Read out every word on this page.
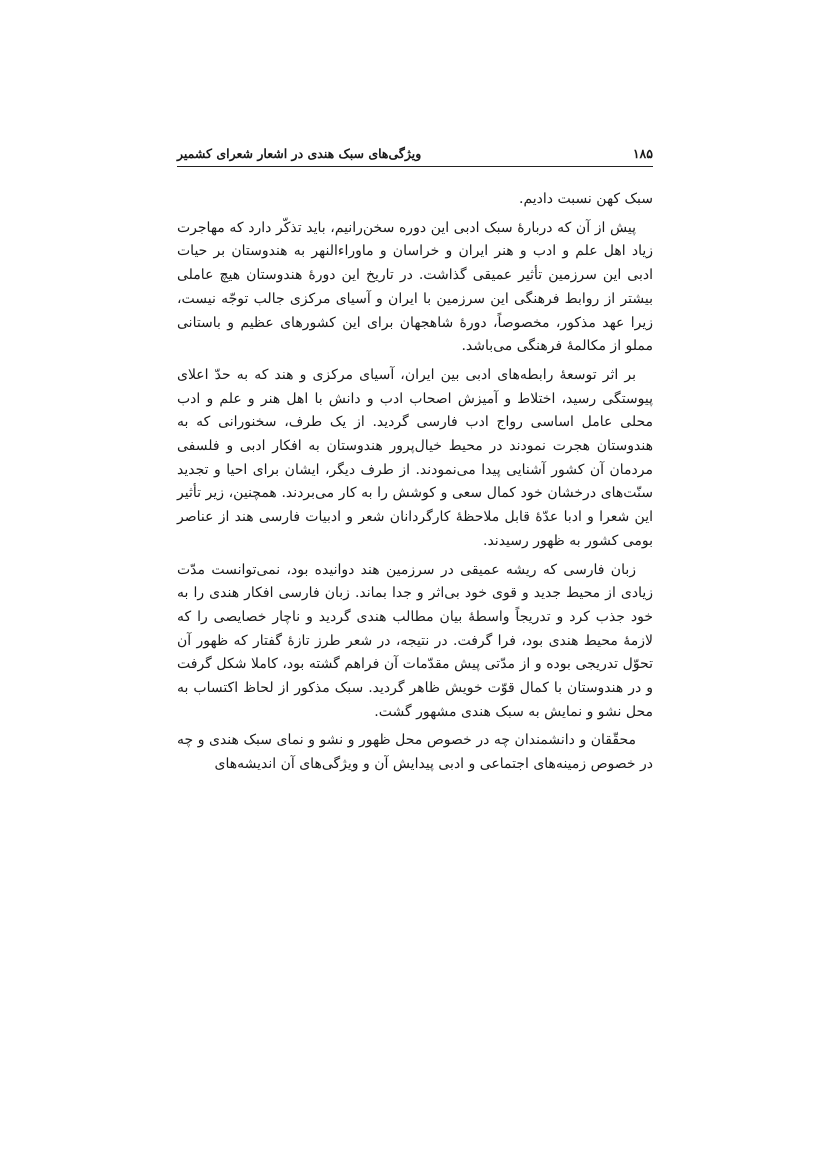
۱۸۵
ویژگی‌های سبک هندی در اشعار شعرای کشمیر

سبک کهن نسبت دادیم.

پیش از آن که دربارهٔ سبک ادبی این دوره سخن‌رانیم، باید تذکّر دارد که مهاجرت زیاد اهل علم و ادب و هنر ایران و خراسان و ماوراءالنهر به هندوستان بر حیات ادبی این سرزمین تأثیر عمیقی گذاشت. در تاریخ این دورهٔ هندوستان هیچ عاملی بیشتر از روابط فرهنگی این سرزمین با ایران و آسیای مرکزی جالب توجّه نیست، زیرا عهد مذکور، مخصوصاً، دورهٔ شاهجهان برای این کشورهای عظیم و باستانی مملو از مکالمهٔ فرهنگی می‌باشد.

بر اثر توسعهٔ رابطه‌های ادبی بین ایران، آسیای مرکزی و هند که به حدّ اعلای پیوستگی رسید، اختلاط و آمیزش اصحاب ادب و دانش با اهل هنر و علم و ادب محلی عامل اساسی رواج ادب فارسی گردید. از یک طرف، سخنورانی که به هندوستان هجرت نمودند در محیط خیال‌پرور هندوستان به افکار ادبی و فلسفی مردمان آن کشور آشنایی پیدا می‌نمودند. از طرف دیگر، ایشان برای احیا و تجدید سنّت‌های درخشان خود کمال سعی و کوشش را به کار می‌بردند. همچنین، زیر تأثیر این شعرا و ادبا عدّهٔ قابل ملاحظهٔ کارگردانان شعر و ادبیات فارسی هند از عناصر بومی کشور به ظهور رسیدند.

زبان فارسی که ریشه عمیقی در سرزمین هند دوانیده بود، نمی‌توانست مدّت زیادی از محیط جدید و قوی خود بی‌اثر و جدا بماند. زبان فارسی افکار هندی را به خود جذب کرد و تدریجاً واسطهٔ بیان مطالب هندی گردید و ناچار خصایصی را که لازمهٔ محیط هندی بود، فرا گرفت. در نتیجه، در شعر طرز تازهٔ گفتار که ظهور آن تحوّل تدریجی بوده و از مدّتی پیش مقدّمات آن فراهم گشته بود، کاملا شکل گرفت و در هندوستان با کمال قوّت خویش ظاهر گردید. سبک مذکور از لحاظ اکتساب به محل نشو و نمایش به سبک هندی مشهور گشت.

محقّقان و دانشمندان چه در خصوص محل ظهور و نشو و نمای سبک هندی و چه در خصوص زمینه‌های اجتماعی و ادبی پیدایش آن و ویژگی‌های آن اندیشه‌های
